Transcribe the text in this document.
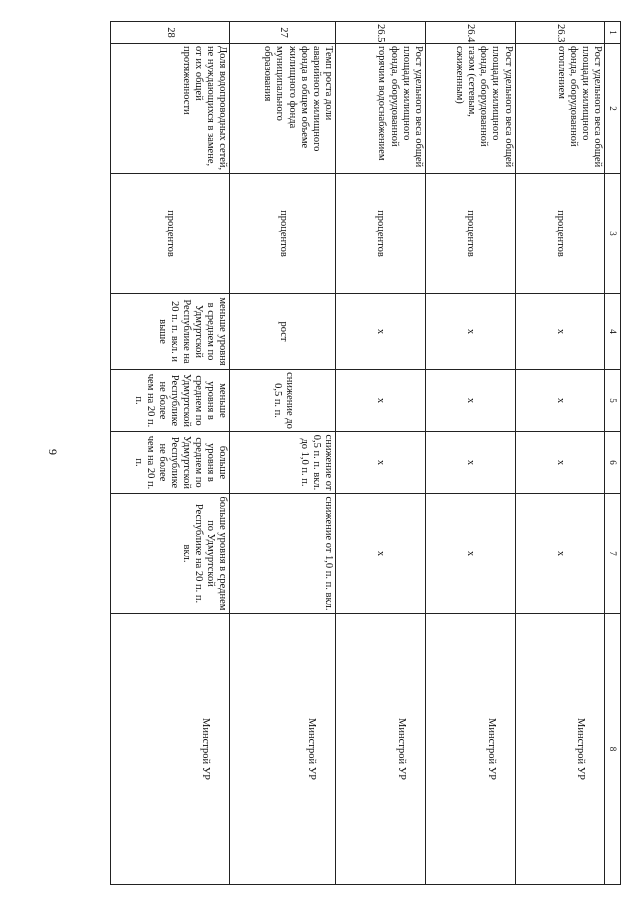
9
1	2	3	4	5	6	7	8
26.3	Рост удельного веса общей площади жилищного фонда, оборудованной отоплением	процентов	х	х	х	х	Минстрой УР
26.4	Рост удельного веса общей площади жилищного фонда, оборудованной газом (сетевым, сжиженным)	процентов	х	х	х	х	Минстрой УР
26.5	Рост удельного веса общей площади жилищного фонда, оборудованной горячим водоснабжением	процентов	х	х	х	х	Минстрой УР
27	Темп роста доли аварийного жилищного фонда в общем объеме жилищного фонда муниципального образования	процентов	рост	снижение до 0,5 п. п.	снижение от 0,5 п. п. вкл. до 1,0 п. п.	снижение от 1,0 п. п. вкл.	Минстрой УР
28	Доля водопроводных сетей, не нуждающихся в замене, от их общей протяженности	процентов	меньше уровня в среднем по Удмуртской Республике на 20 п. п. вкл. и выше	меньше уровня в среднем по Удмуртской Республике не более чем на 20 п. п.	больше уровня в среднем по Удмуртской Республике не более чем на 20 п. п.	больше уровня в среднем по Удмуртской Республике на 20 п. п. вкл.	Минстрой УР
